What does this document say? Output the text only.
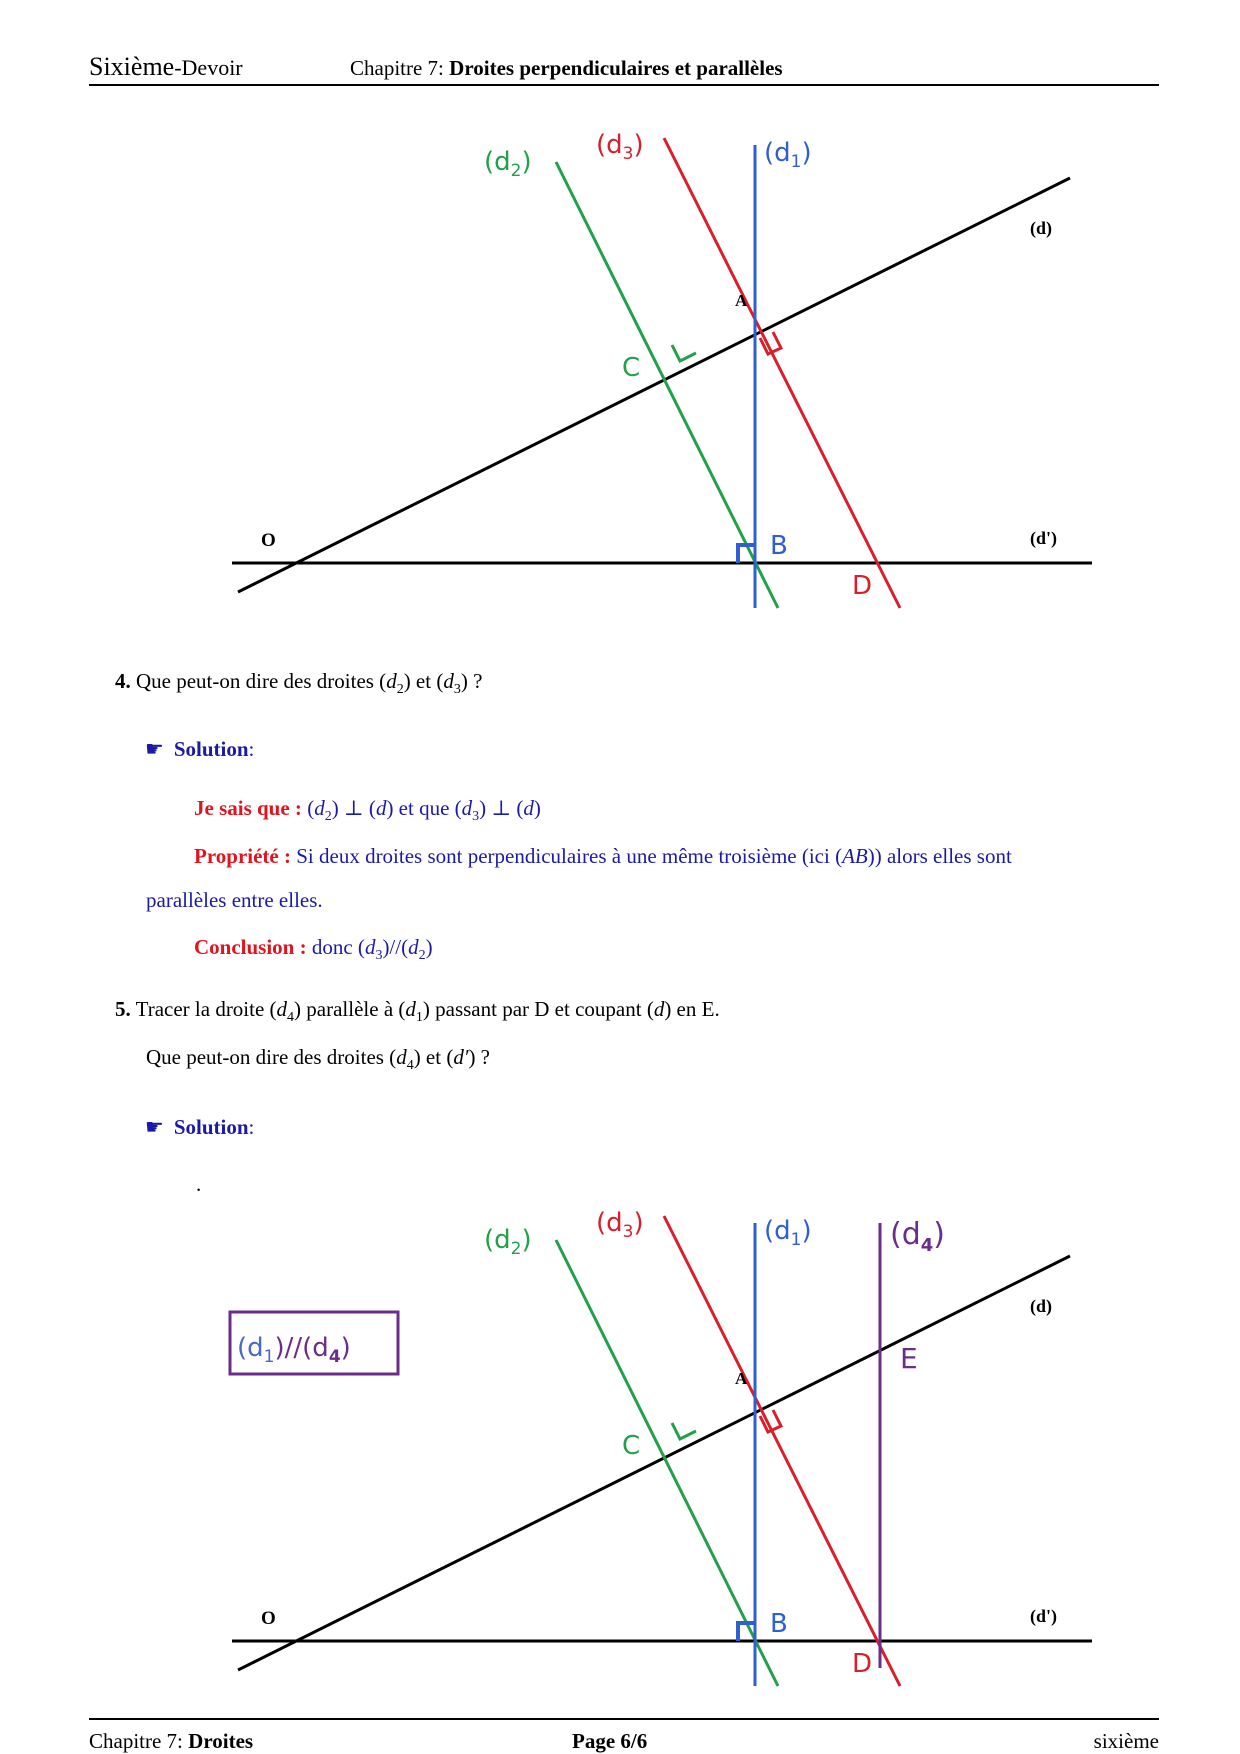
Sixième-Devoir	Chapitre 7: Droites perpendiculaires et parallèles
$(d_2)$
$(d_3)$	$(d_1)$
(d)
(d')
A
B
C
D
O
4. Que peut-on dire des droites $(d_2)$ et $(d_3)$ ?
☛ Solution:
Je sais que : $(d_2)$ ⊥ (d) et que $(d_3)$ ⊥ (d)
Propriété : Si deux droites sont perpendiculaires à une même troisième (ici (AB)) alors elles sont
parallèles entre elles.
Conclusion : donc $(d_3)//(d_2)$
5. Tracer la droite $(d_4)$ parallèle à $(d_1)$ passant par D et coupant (d) en E.
Que peut-on dire des droites $(d_4)$ et (d′) ?
☛ Solution:
.
$(d_1)//(d_4)$
$(d_2)$
$(d_3)$	$(d_1)$	$(d_4)$
(d)
(d')
A
B
C
D
E
O
Chapitre 7: Droites	Page 6/6	sixième
